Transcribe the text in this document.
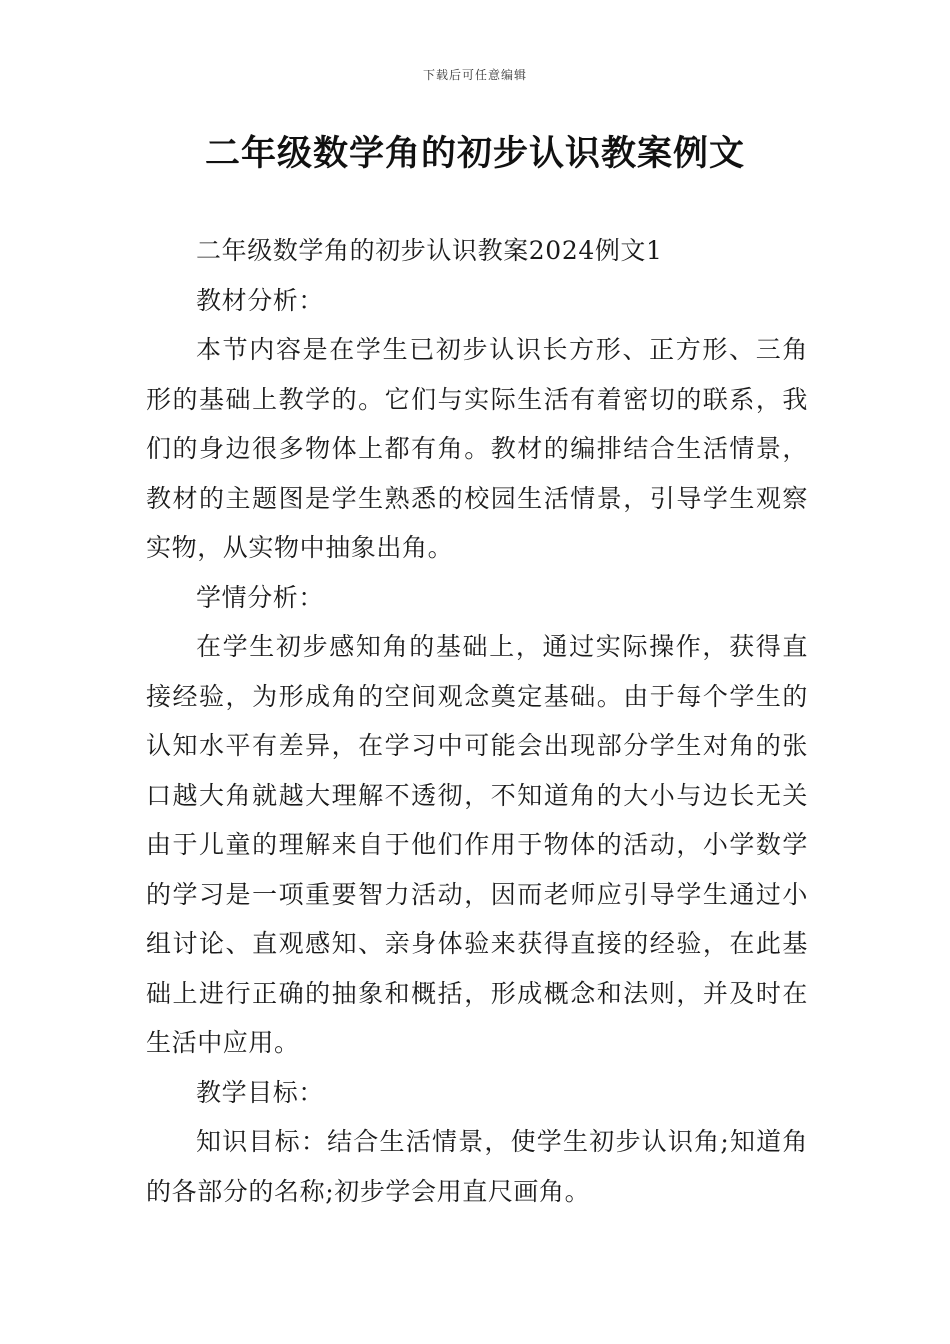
下载后可任意编辑
二年级数学角的初步认识教案例文

二年级数学角的初步认识教案2024例文1

教材分析：

本节内容是在学生已初步认识长方形、正方形、三角形的基础上教学的。它们与实际生活有着密切的联系，我们的身边很多物体上都有角。教材的编排结合生活情景，教材的主题图是学生熟悉的校园生活情景，引导学生观察实物，从实物中抽象出角。

学情分析：

在学生初步感知角的基础上，通过实际操作，获得直接经验，为形成角的空间观念奠定基础。由于每个学生的认知水平有差异，在学习中可能会出现部分学生对角的张口越大角就越大理解不透彻，不知道角的大小与边长无关由于儿童的理解来自于他们作用于物体的活动，小学数学的学习是一项重要智力活动，因而老师应引导学生通过小组讨论、直观感知、亲身体验来获得直接的经验，在此基础上进行正确的抽象和概括，形成概念和法则，并及时在生活中应用。

教学目标：

知识目标：结合生活情景，使学生初步认识角;知道角的各部分的名称;初步学会用直尺画角。
